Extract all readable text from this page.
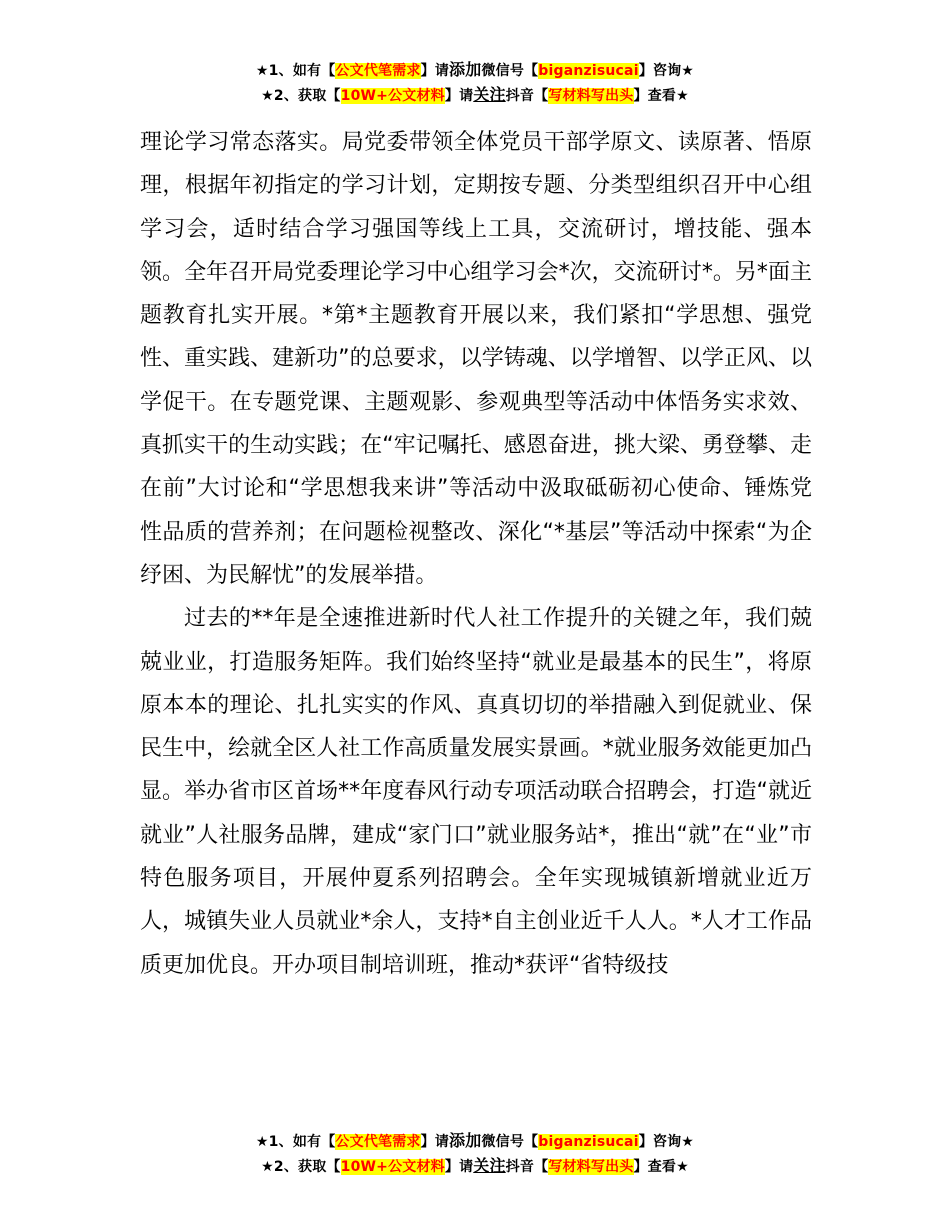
★1、如有【公文代笔需求】请添加微信号【biganzisucai】咨询★
★2、获取【10W+公文材料】请关注抖音【写材料写出头】查看★

理论学习常态落实。局党委带领全体党员干部学原文、读原著、悟原理，根据年初指定的学习计划，定期按专题、分类型组织召开中心组学习会，适时结合学习强国等线上工具，交流研讨，增技能、强本领。全年召开局党委理论学习中心组学习会*次，交流研讨*。另*面主题教育扎实开展。*第*主题教育开展以来，我们紧扣“学思想、强党性、重实践、建新功”的总要求，以学铸魂、以学增智、以学正风、以学促干。在专题党课、主题观影、参观典型等活动中体悟务实求效、真抓实干的生动实践；在“牢记嘱托、感恩奋进，挑大梁、勇登攀、走在前”大讨论和“学思想我来讲”等活动中汲取砥砺初心使命、锤炼党性品质的营养剂；在问题检视整改、深化“*基层”等活动中探索“为企纾困、为民解忧”的发展举措。

过去的**年是全速推进新时代人社工作提升的关键之年，我们兢兢业业，打造服务矩阵。我们始终坚持“就业是最基本的民生”，将原原本本的理论、扎扎实实的作风、真真切切的举措融入到促就业、保民生中，绘就全区人社工作高质量发展实景画。*就业服务效能更加凸显。举办省市区首场**年度春风行动专项活动联合招聘会，打造“就近就业”人社服务品牌，建成“家门口”就业服务站*，推出“就”在“业”市特色服务项目，开展仲夏系列招聘会。全年实现城镇新增就业近万人，城镇失业人员就业*余人，支持*自主创业近千人人。*人才工作品质更加优良。开办项目制培训班，推动*获评“省特级技

★1、如有【公文代笔需求】请添加微信号【biganzisucai】咨询★
★2、获取【10W+公文材料】请关注抖音【写材料写出头】查看★
